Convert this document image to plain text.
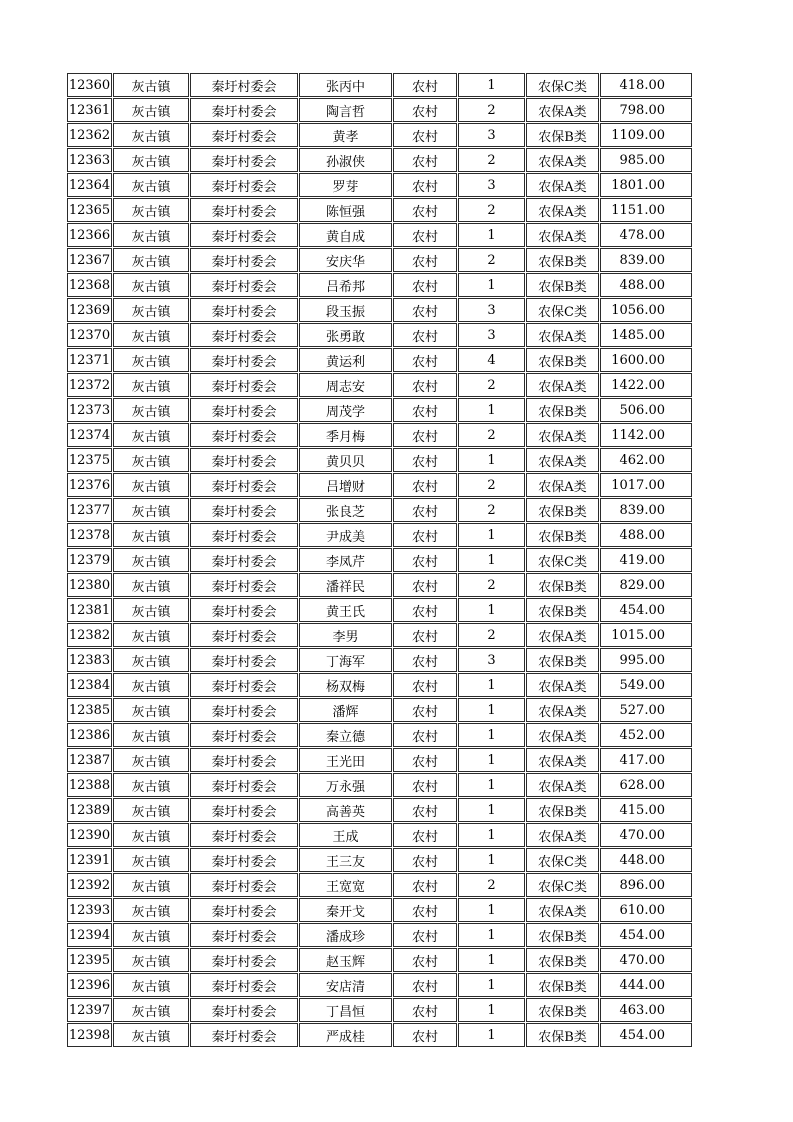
12360	灰古镇	秦圩村委会	张丙中	农村	1	农保C类	418.00
12361	灰古镇	秦圩村委会	陶言哲	农村	2	农保A类	798.00
12362	灰古镇	秦圩村委会	黄孝	农村	3	农保B类	1109.00
12363	灰古镇	秦圩村委会	孙淑侠	农村	2	农保A类	985.00
12364	灰古镇	秦圩村委会	罗芽	农村	3	农保A类	1801.00
12365	灰古镇	秦圩村委会	陈恒强	农村	2	农保A类	1151.00
12366	灰古镇	秦圩村委会	黄自成	农村	1	农保A类	478.00
12367	灰古镇	秦圩村委会	安庆华	农村	2	农保B类	839.00
12368	灰古镇	秦圩村委会	吕希邦	农村	1	农保B类	488.00
12369	灰古镇	秦圩村委会	段玉振	农村	3	农保C类	1056.00
12370	灰古镇	秦圩村委会	张勇敢	农村	3	农保A类	1485.00
12371	灰古镇	秦圩村委会	黄运利	农村	4	农保B类	1600.00
12372	灰古镇	秦圩村委会	周志安	农村	2	农保A类	1422.00
12373	灰古镇	秦圩村委会	周茂学	农村	1	农保B类	506.00
12374	灰古镇	秦圩村委会	季月梅	农村	2	农保A类	1142.00
12375	灰古镇	秦圩村委会	黄贝贝	农村	1	农保A类	462.00
12376	灰古镇	秦圩村委会	吕增财	农村	2	农保A类	1017.00
12377	灰古镇	秦圩村委会	张良芝	农村	2	农保B类	839.00
12378	灰古镇	秦圩村委会	尹成美	农村	1	农保B类	488.00
12379	灰古镇	秦圩村委会	李凤芹	农村	1	农保C类	419.00
12380	灰古镇	秦圩村委会	潘祥民	农村	2	农保B类	829.00
12381	灰古镇	秦圩村委会	黄王氏	农村	1	农保B类	454.00
12382	灰古镇	秦圩村委会	李男	农村	2	农保A类	1015.00
12383	灰古镇	秦圩村委会	丁海军	农村	3	农保B类	995.00
12384	灰古镇	秦圩村委会	杨双梅	农村	1	农保A类	549.00
12385	灰古镇	秦圩村委会	潘辉	农村	1	农保A类	527.00
12386	灰古镇	秦圩村委会	秦立德	农村	1	农保A类	452.00
12387	灰古镇	秦圩村委会	王光田	农村	1	农保A类	417.00
12388	灰古镇	秦圩村委会	万永强	农村	1	农保A类	628.00
12389	灰古镇	秦圩村委会	高善英	农村	1	农保B类	415.00
12390	灰古镇	秦圩村委会	王成	农村	1	农保A类	470.00
12391	灰古镇	秦圩村委会	王三友	农村	1	农保C类	448.00
12392	灰古镇	秦圩村委会	王宽宽	农村	2	农保C类	896.00
12393	灰古镇	秦圩村委会	秦开戈	农村	1	农保A类	610.00
12394	灰古镇	秦圩村委会	潘成珍	农村	1	农保B类	454.00
12395	灰古镇	秦圩村委会	赵玉辉	农村	1	农保B类	470.00
12396	灰古镇	秦圩村委会	安店清	农村	1	农保B类	444.00
12397	灰古镇	秦圩村委会	丁昌恒	农村	1	农保B类	463.00
12398	灰古镇	秦圩村委会	严成桂	农村	1	农保B类	454.00
